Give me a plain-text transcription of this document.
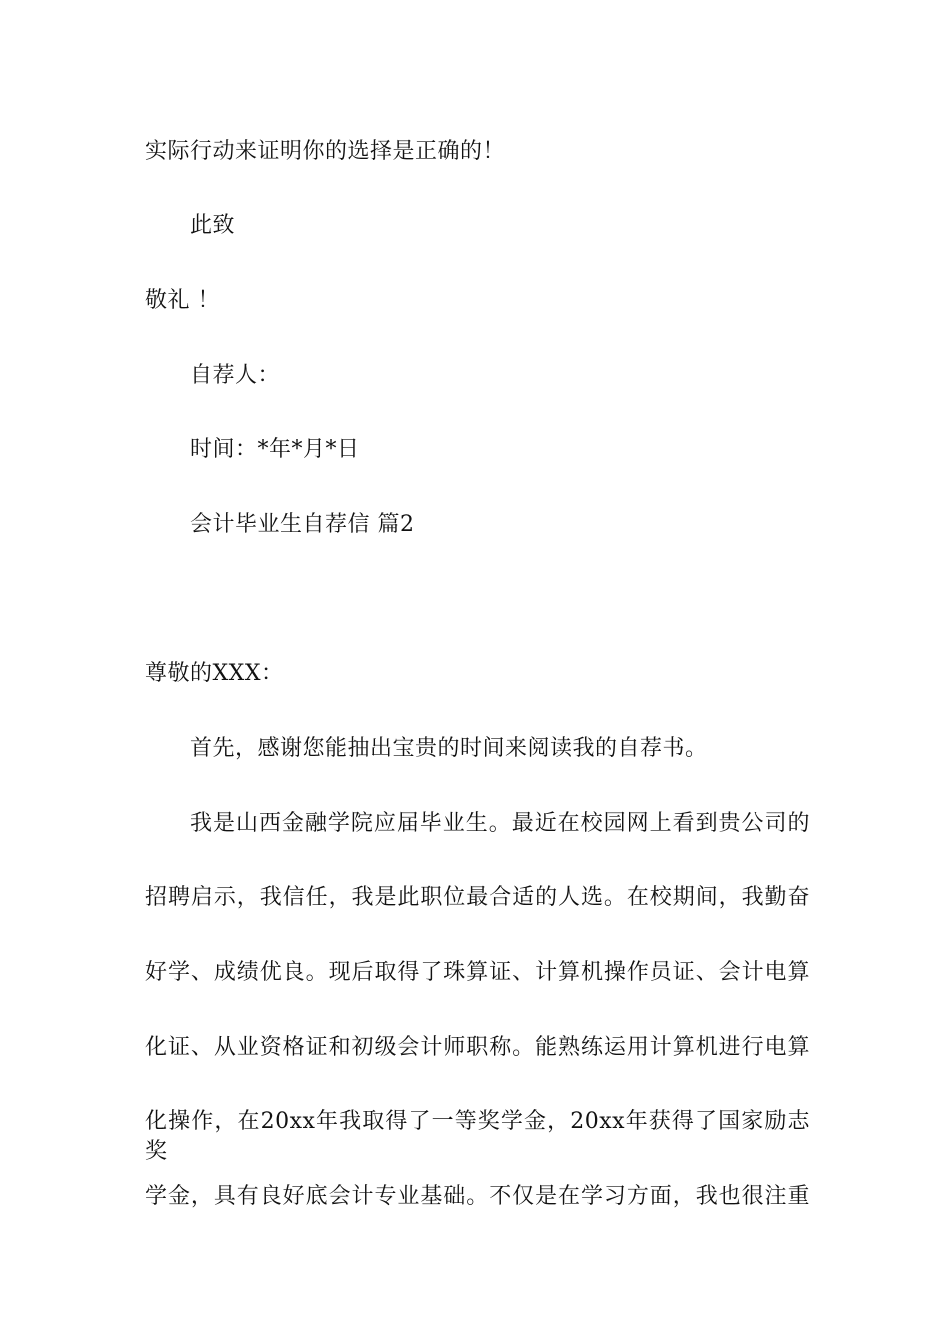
实际行动来证明你的选择是正确的！
此致
敬礼 ！
自荐人：
时间：*年*月*日
会计毕业生自荐信 篇2
尊敬的XXX：
首先，感谢您能抽出宝贵的时间来阅读我的自荐书。
我是山西金融学院应届毕业生。最近在校园网上看到贵公司的
招聘启示，我信任，我是此职位最合适的人选。在校期间，我勤奋
好学、成绩优良。现后取得了珠算证、计算机操作员证、会计电算
化证、从业资格证和初级会计师职称。能熟练运用计算机进行电算
化操作，在20xx年我取得了一等奖学金，20xx年获得了国家励志奖
学金，具有良好底会计专业基础。不仅是在学习方面，我也很注重
